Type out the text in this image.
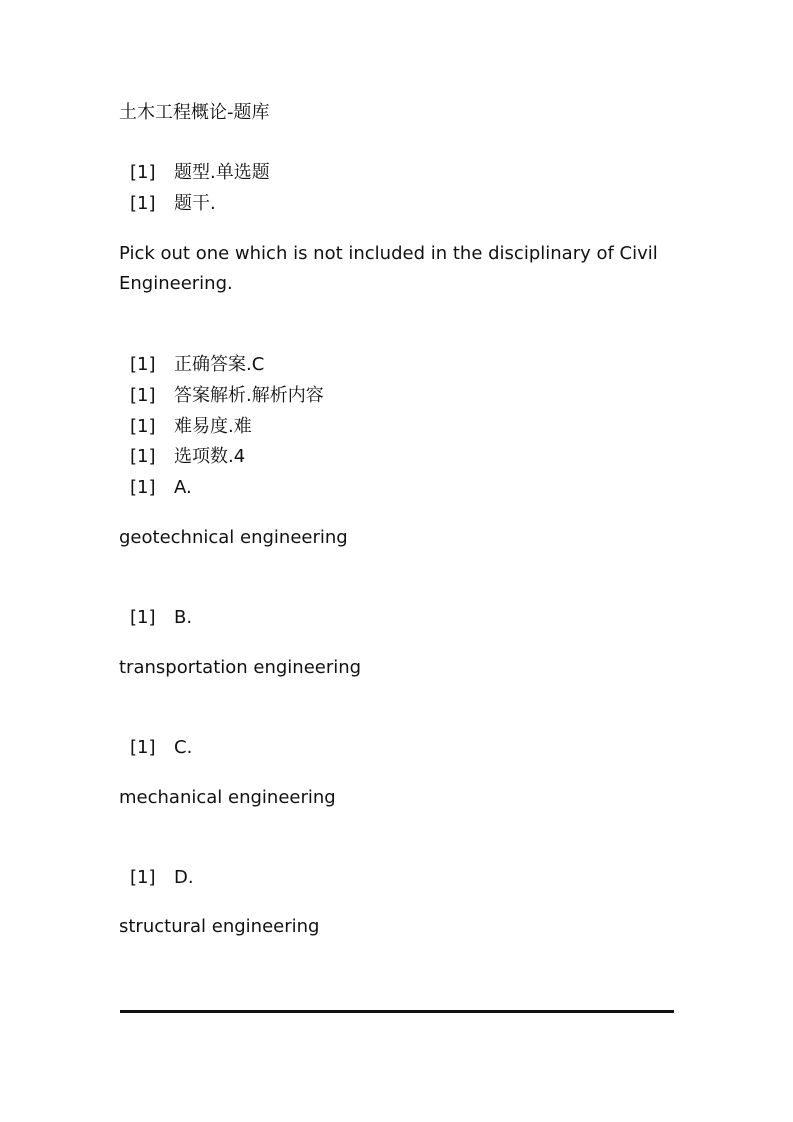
土木工程概论-题库
[1] 题型.单选题
[1] 题干.
Pick out one which is not included in the disciplinary of Civil Engineering.
[1] 正确答案.C
[1] 答案解析.解析内容
[1] 难易度.难
[1] 选项数.4
[1] A.
geotechnical engineering
[1] B.
transportation engineering
[1] C.
mechanical engineering
[1] D.
structural engineering
